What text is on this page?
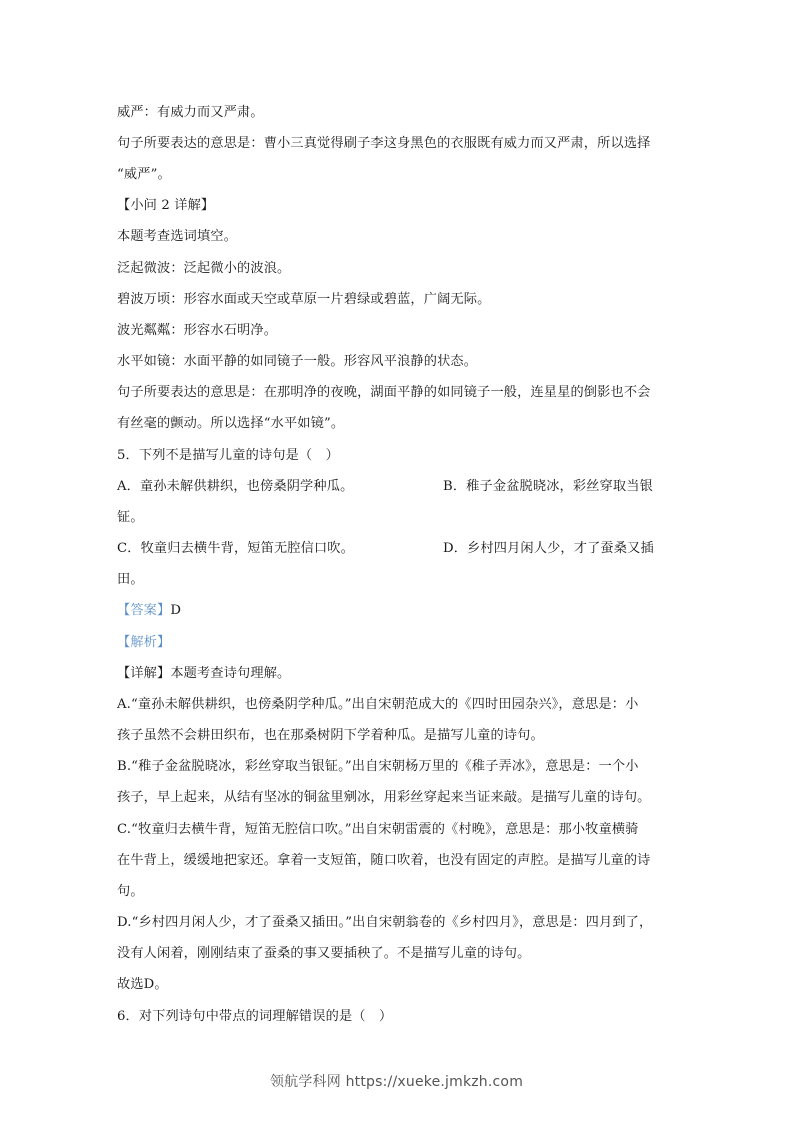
威严：有威力而又严肃。
句子所要表达的意思是：曹小三真觉得刷子李这身黑色的衣服既有威力而又严肃，所以选择
“威严”。
【小问 2 详解】
本题考查选词填空。
泛起微波：泛起微小的波浪。
碧波万顷：形容水面或天空或草原一片碧绿或碧蓝，广阔无际。
波光粼粼：形容水石明净。
水平如镜：水面平静的如同镜子一般。形容风平浪静的状态。
句子所要表达的意思是：在那明净的夜晚，湖面平静的如同镜子一般，连星星的倒影也不会
有丝毫的颤动。所以选择“水平如镜”。
5．下列不是描写儿童的诗句是（　）
A．童孙未解供耕织，也傍桑阴学种瓜。	B．稚子金盆脱晓冰，彩丝穿取当银
钲。
C．牧童归去横牛背，短笛无腔信口吹。	D．乡村四月闲人少，才了蚕桑又插
田。
【答案】D
【解析】
【详解】本题考查诗句理解。
A.“童孙未解供耕织，也傍桑阴学种瓜。”出自宋朝范成大的《四时田园杂兴》，意思是：小
孩子虽然不会耕田织布，也在那桑树阴下学着种瓜。是描写儿童的诗句。
B.“稚子金盆脱晓冰，彩丝穿取当银钲。”出自宋朝杨万里的《稚子弄冰》，意思是：一个小
孩子，早上起来，从结有坚冰的铜盆里剜冰，用彩丝穿起来当证来敲。是描写儿童的诗句。
C.“牧童归去横牛背，短笛无腔信口吹。”出自宋朝雷震的《村晚》，意思是：那小牧童横骑
在牛背上，缓缓地把家还。拿着一支短笛，随口吹着，也没有固定的声腔。是描写儿童的诗
句。
D.“乡村四月闲人少，才了蚕桑又插田。”出自宋朝翁卷的《乡村四月》，意思是：四月到了，
没有人闲着，刚刚结束了蚕桑的事又要插秧了。不是描写儿童的诗句。
故选D。
6．对下列诗句中带点的词理解错误的是（　）
领航学科网 https://xueke.jmkzh.com
